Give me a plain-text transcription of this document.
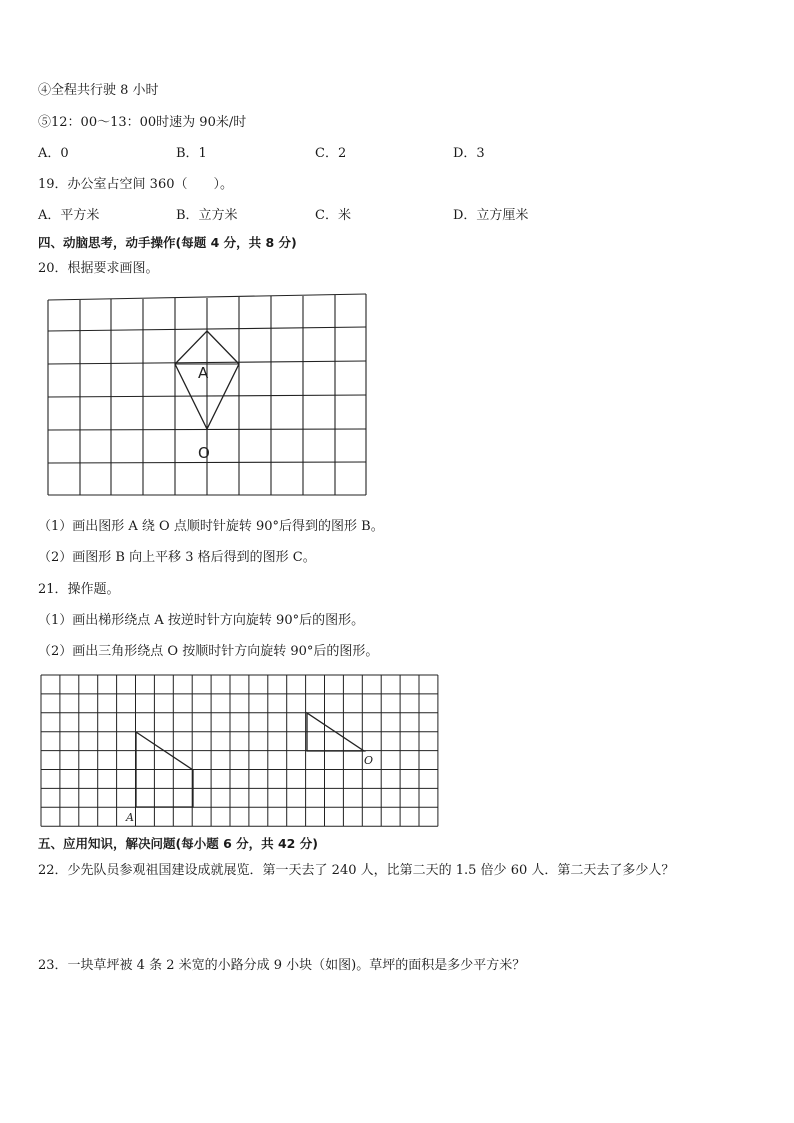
④全程共行驶 8 小时
⑤12：00～13：00时速为 90米/时
A．0	B．1	C．2	D．3
19．办公室占空间 360（　　）。
A．平方米	B．立方米	C．米	D．立方厘米
四、动脑思考，动手操作(每题 4 分，共 8 分)
20．根据要求画图。
A
O
（1）画出图形 A 绕 O 点顺时针旋转 90°后得到的图形 B。
（2）画图形 B 向上平移 3 格后得到的图形 C。
21．操作题。
（1）画出梯形绕点 A 按逆时针方向旋转 90°后的图形。
（2）画出三角形绕点 O 按顺时针方向旋转 90°后的图形。
A
O
五、应用知识，解决问题(每小题 6 分，共 42 分)
22．少先队员参观祖国建设成就展览．第一天去了 240 人，比第二天的 1.5 倍少 60 人．第二天去了多少人？
23．一块草坪被 4 条 2 米宽的小路分成 9 小块（如图)。草坪的面积是多少平方米？
